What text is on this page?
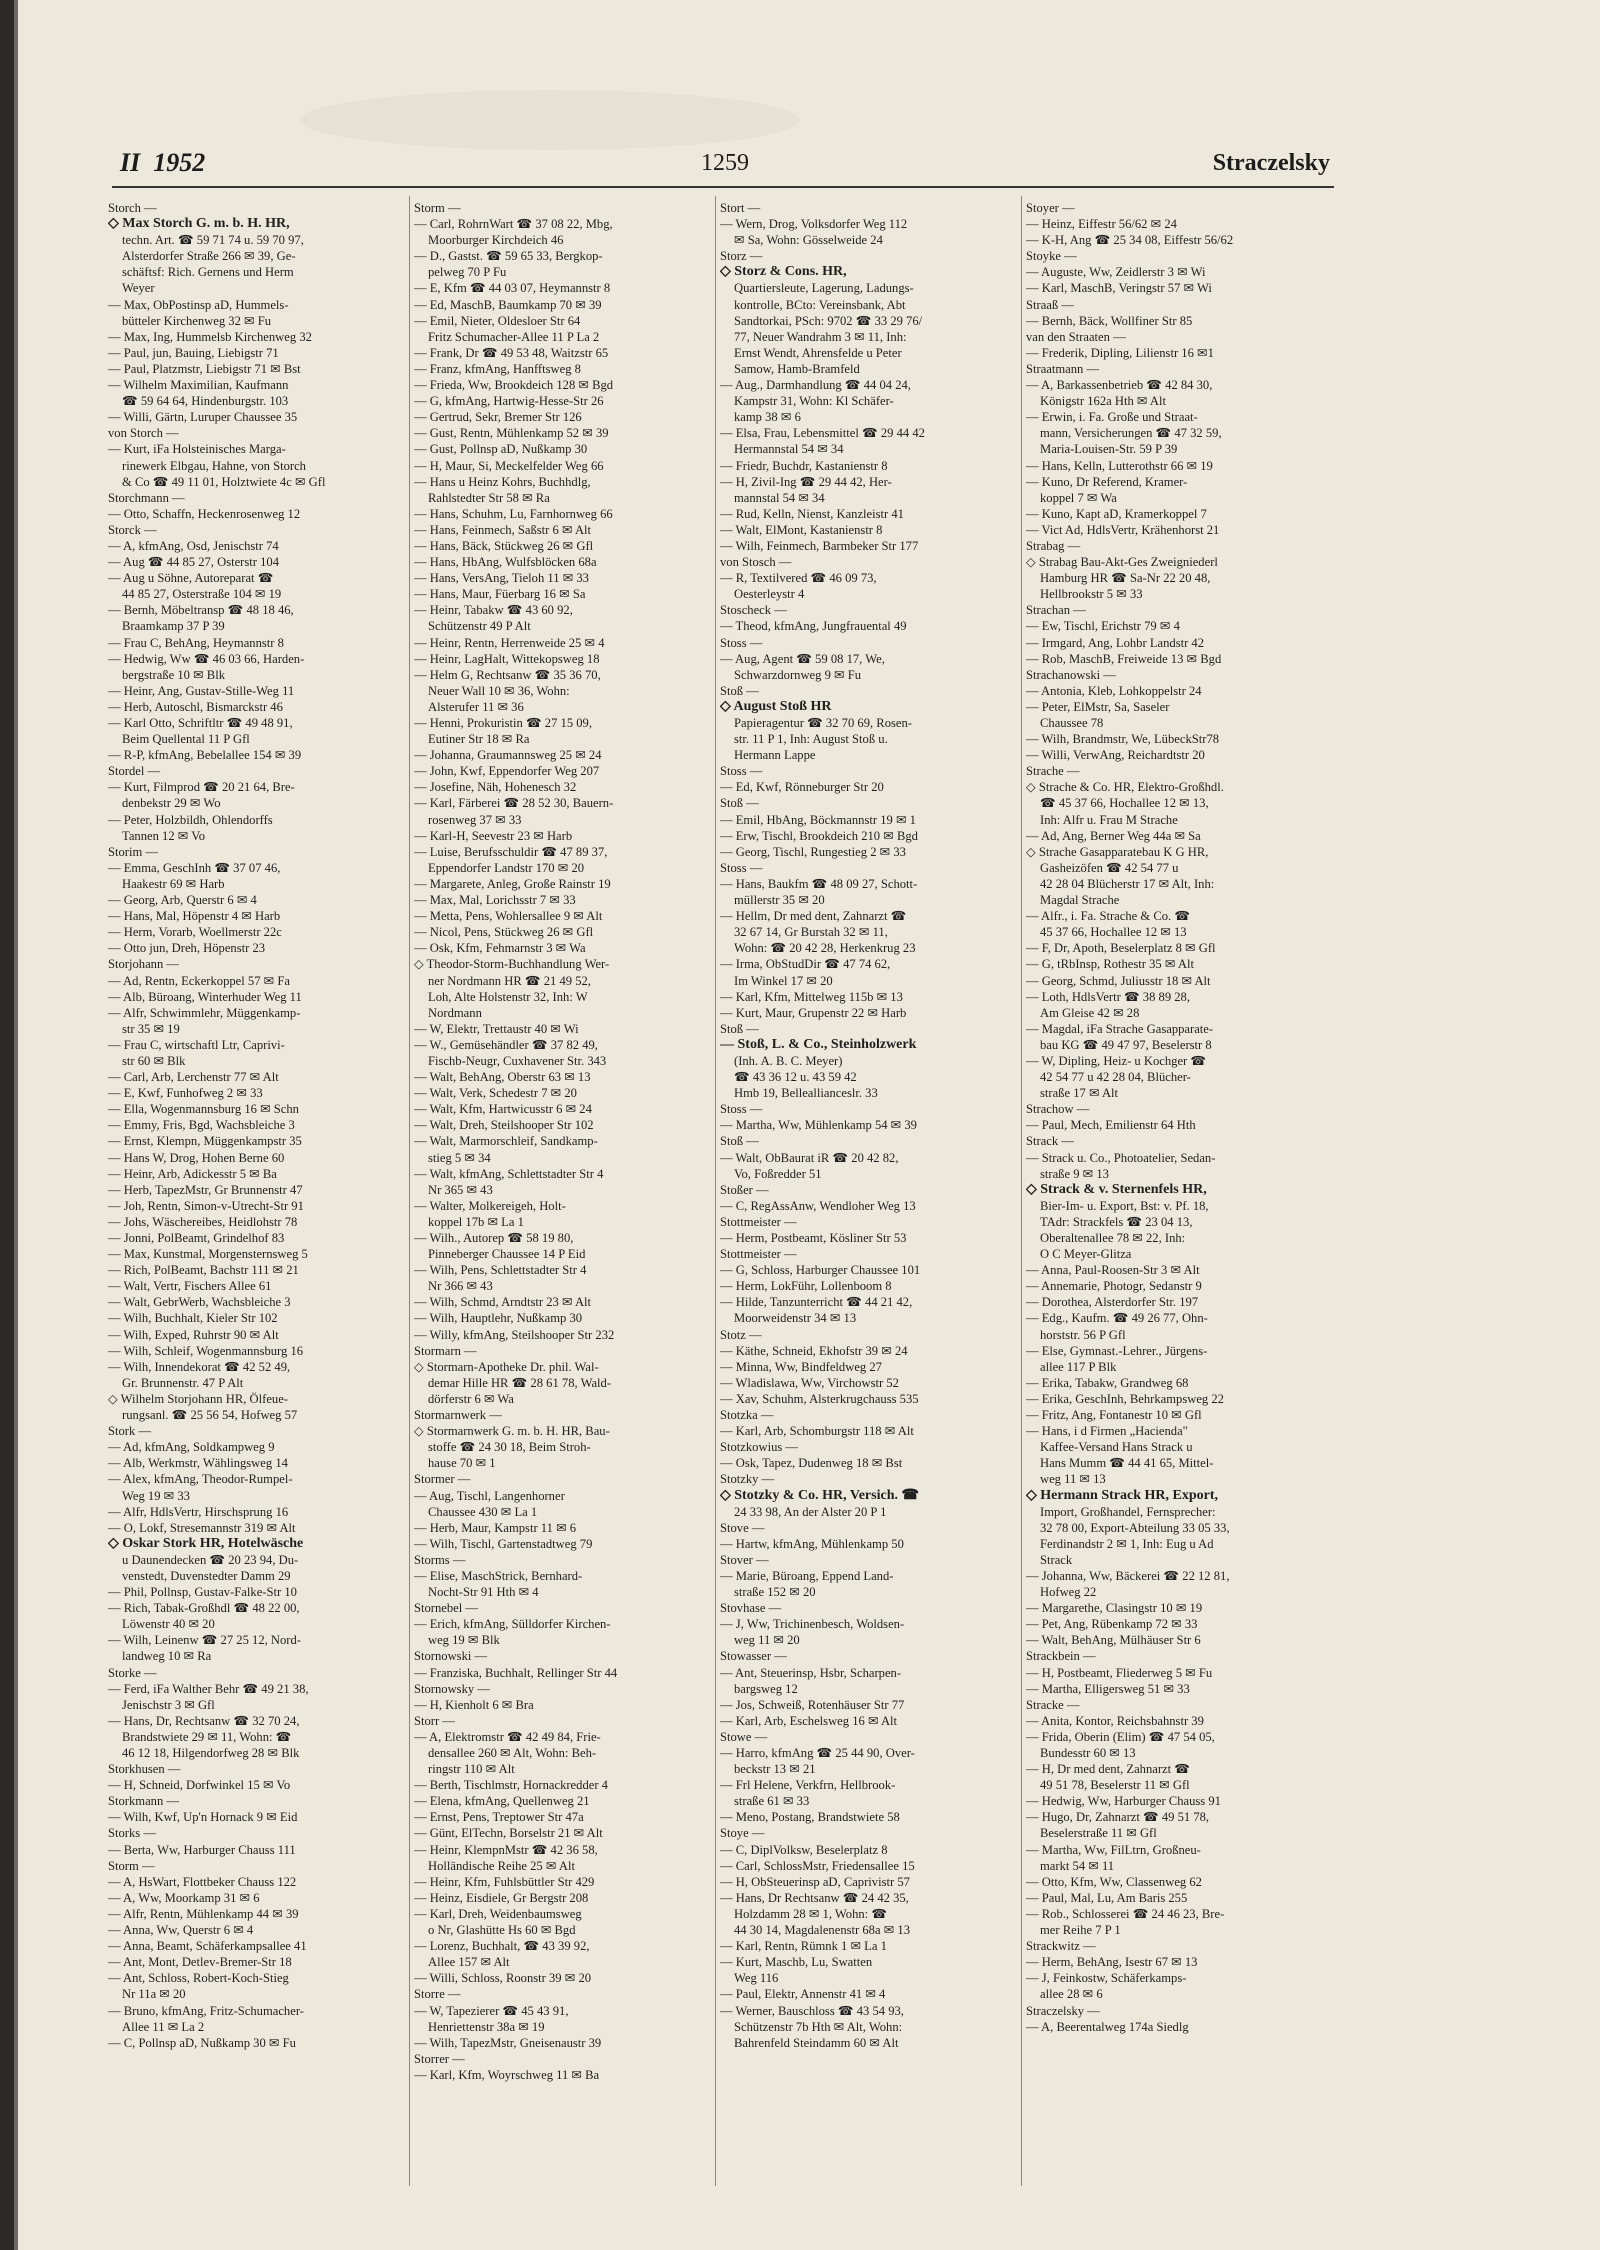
II 1952	1259	Straczelsky
Storch —
◇ Max Storch G. m. b. H. HR,
techn. Art. ☎ 59 71 74 u. 59 70 97,
Alsterdorfer Straße 266 ✉ 39, Ge-
schäftsf: Rich. Gernens und Herm
Weyer
— Max, ObPostinsp aD, Hummels-
bütteler Kirchenweg 32 ✉ Fu
— Max, Ing, Hummelsb Kirchenweg 32
— Paul, jun, Bauing, Liebigstr 71
— Paul, Platzmstr, Liebigstr 71 ✉ Bst
— Wilhelm Maximilian, Kaufmann
☎ 59 64 64, Hindenburgstr. 103
— Willi, Gärtn, Luruper Chaussee 35
von Storch —
— Kurt, iFa Holsteinisches Marga-
rinewerk Elbgau, Hahne, von Storch
& Co ☎ 49 11 01, Holztwiete 4c ✉ Gfl
Storchmann —
— Otto, Schaffn, Heckenrosenweg 12
Storck —
— A, kfmAng, Osd, Jenischstr 74
— Aug ☎ 44 85 27, Osterstr 104
— Aug u Söhne, Autoreparat ☎
44 85 27, Osterstraße 104 ✉ 19
— Bernh, Möbeltransp ☎ 48 18 46,
Braamkamp 37 P 39
— Frau C, BehAng, Heymannstr 8
— Hedwig, Ww ☎ 46 03 66, Harden-
bergstraße 10 ✉ Blk
— Heinr, Ang, Gustav-Stille-Weg 11
— Herb, Autoschl, Bismarckstr 46
— Karl Otto, Schriftltr ☎ 49 48 91,
Beim Quellental 11 P Gfl
— R-P, kfmAng, Bebelallee 154 ✉ 39
Stordel —
— Kurt, Filmprod ☎ 20 21 64, Bre-
denbekstr 29 ✉ Wo
— Peter, Holzbildh, Ohlendorffs
Tannen 12 ✉ Vo
Storim —
— Emma, GeschInh ☎ 37 07 46,
Haakestr 69 ✉ Harb
— Georg, Arb, Querstr 6 ✉ 4
— Hans, Mal, Höpenstr 4 ✉ Harb
— Herm, Vorarb, Woellmerstr 22c
— Otto jun, Dreh, Höpenstr 23
Storjohann —
— Ad, Rentn, Eckerkoppel 57 ✉ Fa
— Alb, Büroang, Winterhuder Weg 11
— Alfr, Schwimmlehr, Müggenkamp-
str 35 ✉ 19
— Frau C, wirtschaftl Ltr, Caprivi-
str 60 ✉ Blk
— Carl, Arb, Lerchenstr 77 ✉ Alt
— E, Kwf, Funhofweg 2 ✉ 33
— Ella, Wogenmannsburg 16 ✉ Schn
— Emmy, Fris, Bgd, Wachsbleiche 3
— Ernst, Klempn, Müggenkampstr 35
— Hans W, Drog, Hohen Berne 60
— Heinr, Arb, Adickesstr 5 ✉ Ba
— Herb, TapezMstr, Gr Brunnenstr 47
— Joh, Rentn, Simon-v-Utrecht-Str 91
— Johs, Wäschereibes, Heidlohstr 78
— Jonni, PolBeamt, Grindelhof 83
— Max, Kunstmal, Morgensternsweg 5
— Rich, PolBeamt, Bachstr 111 ✉ 21
— Walt, Vertr, Fischers Allee 61
— Walt, GebrWerb, Wachsbleiche 3
— Wilh, Buchhalt, Kieler Str 102
— Wilh, Exped, Ruhrstr 90 ✉ Alt
— Wilh, Schleif, Wogenmannsburg 16
— Wilh, Innendekorat ☎ 42 52 49,
Gr. Brunnenstr. 47 P Alt
◇ Wilhelm Storjohann HR, Ölfeue-
rungsanl. ☎ 25 56 54, Hofweg 57
Stork —
— Ad, kfmAng, Soldkampweg 9
— Alb, Werkmstr, Wählingsweg 14
— Alex, kfmAng, Theodor-Rumpel-
Weg 19 ✉ 33
— Alfr, HdlsVertr, Hirschsprung 16
— O, Lokf, Stresemannstr 319 ✉ Alt
◇ Oskar Stork HR, Hotelwäsche
u Daunendecken ☎ 20 23 94, Du-
venstedt, Duvenstedter Damm 29
— Phil, Pollnsp, Gustav-Falke-Str 10
— Rich, Tabak-Großhdl ☎ 48 22 00,
Löwenstr 40 ✉ 20
— Wilh, Leinenw ☎ 27 25 12, Nord-
landweg 10 ✉ Ra
Storke —
— Ferd, iFa Walther Behr ☎ 49 21 38,
Jenischstr 3 ✉ Gfl
— Hans, Dr, Rechtsanw ☎ 32 70 24,
Brandstwiete 29 ✉ 11, Wohn: ☎
46 12 18, Hilgendorfweg 28 ✉ Blk
Storkhusen —
— H, Schneid, Dorfwinkel 15 ✉ Vo
Storkmann —
— Wilh, Kwf, Up'n Hornack 9 ✉ Eid
Storks —
— Berta, Ww, Harburger Chauss 111
Storm —
— A, HsWart, Flottbeker Chauss 122
— A, Ww, Moorkamp 31 ✉ 6
— Alfr, Rentn, Mühlenkamp 44 ✉ 39
— Anna, Ww, Querstr 6 ✉ 4
— Anna, Beamt, Schäferkampsallee 41
— Ant, Mont, Detlev-Bremer-Str 18
— Ant, Schloss, Robert-Koch-Stieg
Nr 11a ✉ 20
— Bruno, kfmAng, Fritz-Schumacher-
Allee 11 ✉ La 2
— C, Pollnsp aD, Nußkamp 30 ✉ Fu
Storm —
— Carl, RohrnWart ☎ 37 08 22, Mbg,
Moorburger Kirchdeich 46
— D., Gastst. ☎ 59 65 33, Bergkop-
pelweg 70 P Fu
— E, Kfm ☎ 44 03 07, Heymannstr 8
— Ed, MaschB, Baumkamp 70 ✉ 39
— Emil, Nieter, Oldesloer Str 64
Fritz Schumacher-Allee 11 P La 2
— Frank, Dr ☎ 49 53 48, Waitzstr 65
— Franz, kfmAng, Hanfftsweg 8
— Frieda, Ww, Brookdeich 128 ✉ Bgd
— G, kfmAng, Hartwig-Hesse-Str 26
— Gertrud, Sekr, Bremer Str 126
— Gust, Rentn, Mühlenkamp 52 ✉ 39
— Gust, Pollnsp aD, Nußkamp 30
— H, Maur, Si, Meckelfelder Weg 66
— Hans u Heinz Kohrs, Buchhdlg,
Rahlstedter Str 58 ✉ Ra
— Hans, Schuhm, Lu, Farnhornweg 66
— Hans, Feinmech, Saßstr 6 ✉ Alt
— Hans, Bäck, Stückweg 26 ✉ Gfl
— Hans, HbAng, Wulfsblöcken 68a
— Hans, VersAng, Tieloh 11 ✉ 33
— Hans, Maur, Füerbarg 16 ✉ Sa
— Heinr, Tabakw ☎ 43 60 92,
Schützenstr 49 P Alt
— Heinr, Rentn, Herrenweide 25 ✉ 4
— Heinr, LagHalt, Wittekopsweg 18
— Helm G, Rechtsanw ☎ 35 36 70,
Neuer Wall 10 ✉ 36, Wohn:
Alsterufer 11 ✉ 36
— Henni, Prokuristin ☎ 27 15 09,
Eutiner Str 18 ✉ Ra
— Johanna, Graumannsweg 25 ✉ 24
— John, Kwf, Eppendorfer Weg 207
— Josefine, Näh, Hohenesch 32
— Karl, Färberei ☎ 28 52 30, Bauern-
rosenweg 37 ✉ 33
— Karl-H, Seevestr 23 ✉ Harb
— Luise, Berufsschuldir ☎ 47 89 37,
Eppendorfer Landstr 170 ✉ 20
— Margarete, Anleg, Große Rainstr 19
— Max, Mal, Lorichsstr 7 ✉ 33
— Metta, Pens, Wohlersallee 9 ✉ Alt
— Nicol, Pens, Stückweg 26 ✉ Gfl
— Osk, Kfm, Fehmarnstr 3 ✉ Wa
◇ Theodor-Storm-Buchhandlung Wer-
ner Nordmann HR ☎ 21 49 52,
Loh, Alte Holstenstr 32, Inh: W
Nordmann
— W, Elektr, Trettaustr 40 ✉ Wi
— W., Gemüsehändler ☎ 37 82 49,
Fischb-Neugr, Cuxhavener Str. 343
— Walt, BehAng, Oberstr 63 ✉ 13
— Walt, Verk, Schedestr 7 ✉ 20
— Walt, Kfm, Hartwicusstr 6 ✉ 24
— Walt, Dreh, Steilshooper Str 102
— Walt, Marmorschleif, Sandkamp-
stieg 5 ✉ 34
— Walt, kfmAng, Schlettstadter Str 4
Nr 365 ✉ 43
— Walter, Molkereigeh, Holt-
koppel 17b ✉ La 1
— Wilh., Autorep ☎ 58 19 80,
Pinneberger Chaussee 14 P Eid
— Wilh, Pens, Schlettstadter Str 4
Nr 366 ✉ 43
— Wilh, Schmd, Arndtstr 23 ✉ Alt
— Wilh, Hauptlehr, Nußkamp 30
— Willy, kfmAng, Steilshooper Str 232
Stormarn —
◇ Stormarn-Apotheke Dr. phil. Wal-
demar Hille HR ☎ 28 61 78, Wald-
dörferstr 6 ✉ Wa
Stormarnwerk —
◇ Stormarnwerk G. m. b. H. HR, Bau-
stoffe ☎ 24 30 18, Beim Stroh-
hause 70 ✉ 1
Stormer —
— Aug, Tischl, Langenhorner
Chaussee 430 ✉ La 1
— Herb, Maur, Kampstr 11 ✉ 6
— Wilh, Tischl, Gartenstadtweg 79
Storms —
— Elise, MaschStrick, Bernhard-
Nocht-Str 91 Hth ✉ 4
Stornebel —
— Erich, kfmAng, Sülldorfer Kirchen-
weg 19 ✉ Blk
Stornowski —
— Franziska, Buchhalt, Rellinger Str 44
Stornowsky —
— H, Kienholt 6 ✉ Bra
Storr —
— A, Elektromstr ☎ 42 49 84, Frie-
densallee 260 ✉ Alt, Wohn: Beh-
ringstr 110 ✉ Alt
— Berth, Tischlmstr, Hornackredder 4
— Elena, kfmAng, Quellenweg 21
— Ernst, Pens, Treptower Str 47a
— Günt, ElTechn, Borselstr 21 ✉ Alt
— Heinr, KlempnMstr ☎ 42 36 58,
Holländische Reihe 25 ✉ Alt
— Heinr, Kfm, Fuhlsbüttler Str 429
— Heinz, Eisdiele, Gr Bergstr 208
— Karl, Dreh, Weidenbaumsweg
o Nr, Glashütte Hs 60 ✉ Bgd
— Lorenz, Buchhalt, ☎ 43 39 92,
Allee 157 ✉ Alt
— Willi, Schloss, Roonstr 39 ✉ 20
Storre —
— W, Tapezierer ☎ 45 43 91,
Henriettenstr 38a ✉ 19
— Wilh, TapezMstr, Gneisenaustr 39
Storrer —
— Karl, Kfm, Woyrschweg 11 ✉ Ba
Stort —
— Wern, Drog, Volksdorfer Weg 112
✉ Sa, Wohn: Gösselweide 24
Storz —
◇ Storz & Cons. HR,
Quartiersleute, Lagerung, Ladungs-
kontrolle, BCto: Vereinsbank, Abt
Sandtorkai, PSch: 9702 ☎ 33 29 76/
77, Neuer Wandrahm 3 ✉ 11, Inh:
Ernst Wendt, Ahrensfelde u Peter
Samow, Hamb-Bramfeld
— Aug., Darmhandlung ☎ 44 04 24,
Kampstr 31, Wohn: Kl Schäfer-
kamp 38 ✉ 6
— Elsa, Frau, Lebensmittel ☎ 29 44 42
Hermannstal 54 ✉ 34
— Friedr, Buchdr, Kastanienstr 8
— H, Zivil-Ing ☎ 29 44 42, Her-
mannstal 54 ✉ 34
— Rud, Kelln, Nienst, Kanzleistr 41
— Walt, ElMont, Kastanienstr 8
— Wilh, Feinmech, Barmbeker Str 177
von Stosch —
— R, Textilvered ☎ 46 09 73,
Oesterleystr 4
Stoscheck —
— Theod, kfmAng, Jungfrauental 49
Stoss —
— Aug, Agent ☎ 59 08 17, We,
Schwarzdornweg 9 ✉ Fu
Stoß —
◇ August Stoß HR
Papieragentur ☎ 32 70 69, Rosen-
str. 11 P 1, Inh: August Stoß u.
Hermann Lappe
Stoss —
— Ed, Kwf, Rönneburger Str 20
Stoß —
— Emil, HbAng, Böckmannstr 19 ✉ 1
— Erw, Tischl, Brookdeich 210 ✉ Bgd
— Georg, Tischl, Rungestieg 2 ✉ 33
Stoss —
— Hans, Baukfm ☎ 48 09 27, Schott-
müllerstr 35 ✉ 20
— Hellm, Dr med dent, Zahnarzt ☎
32 67 14, Gr Burstah 32 ✉ 11,
Wohn: ☎ 20 42 28, Herkenkrug 23
— Irma, ObStudDir ☎ 47 74 62,
Im Winkel 17 ✉ 20
— Karl, Kfm, Mittelweg 115b ✉ 13
— Kurt, Maur, Grupenstr 22 ✉ Harb
Stoß —
— Stoß, L. & Co., Steinholzwerk
(Inh. A. B. C. Meyer)
☎ 43 36 12 u. 43 59 42
Hmb 19, Belleallianceslr. 33
Stoss —
— Martha, Ww, Mühlenkamp 54 ✉ 39
Stoß —
— Walt, ObBaurat iR ☎ 20 42 82,
Vo, Foßredder 51
Stoßer —
— C, RegAssAnw, Wendloher Weg 13
Stottmeister —
— Herm, Postbeamt, Kösliner Str 53
Stottmeister —
— G, Schloss, Harburger Chaussee 101
— Herm, LokFühr, Lollenboom 8
— Hilde, Tanzunterricht ☎ 44 21 42,
Moorweidenstr 34 ✉ 13
Stotz —
— Käthe, Schneid, Ekhofstr 39 ✉ 24
— Minna, Ww, Bindfeldweg 27
— Wladislawa, Ww, Virchowstr 52
— Xav, Schuhm, Alsterkrugchauss 535
Stotzka —
— Karl, Arb, Schomburgstr 118 ✉ Alt
Stotzkowius —
— Osk, Tapez, Dudenweg 18 ✉ Bst
Stotzky —
◇ Stotzky & Co. HR, Versich. ☎
24 33 98, An der Alster 20 P 1
Stove —
— Hartw, kfmAng, Mühlenkamp 50
Stover —
— Marie, Büroang, Eppend Land-
straße 152 ✉ 20
Stovhase —
— J, Ww, Trichinenbesch, Woldsen-
weg 11 ✉ 20
Stowasser —
— Ant, Steuerinsp, Hsbr, Scharpen-
bargsweg 12
— Jos, Schweiß, Rotenhäuser Str 77
— Karl, Arb, Eschelsweg 16 ✉ Alt
Stowe —
— Harro, kfmAng ☎ 25 44 90, Over-
beckstr 13 ✉ 21
— Frl Helene, Verkfrn, Hellbrook-
straße 61 ✉ 33
— Meno, Postang, Brandstwiete 58
Stoye —
— C, DiplVolksw, Beselerplatz 8
— Carl, SchlossMstr, Friedensallee 15
— H, ObSteuerinsp aD, Caprivistr 57
— Hans, Dr Rechtsanw ☎ 24 42 35,
Holzdamm 28 ✉ 1, Wohn: ☎
44 30 14, Magdalenenstr 68a ✉ 13
— Karl, Rentn, Rümnk 1 ✉ La 1
— Kurt, Maschb, Lu, Swatten
Weg 116
— Paul, Elektr, Annenstr 41 ✉ 4
— Werner, Bauschloss ☎ 43 54 93,
Schützenstr 7b Hth ✉ Alt, Wohn:
Bahrenfeld Steindamm 60 ✉ Alt
Stoyer —
— Heinz, Eiffestr 56/62 ✉ 24
— K-H, Ang ☎ 25 34 08, Eiffestr 56/62
Stoyke —
— Auguste, Ww, Zeidlerstr 3 ✉ Wi
— Karl, MaschB, Veringstr 57 ✉ Wi
Straaß —
— Bernh, Bäck, Wollfiner Str 85
van den Straaten —
— Frederik, Dipling, Lilienstr 16 ✉1
Straatmann —
— A, Barkassenbetrieb ☎ 42 84 30,
Königstr 162a Hth ✉ Alt
— Erwin, i. Fa. Große und Straat-
mann, Versicherungen ☎ 47 32 59,
Maria-Louisen-Str. 59 P 39
— Hans, Kelln, Lutterothstr 66 ✉ 19
— Kuno, Dr Referend, Kramer-
koppel 7 ✉ Wa
— Kuno, Kapt aD, Kramerkoppel 7
— Vict Ad, HdlsVertr, Krähenhorst 21
Strabag —
◇ Strabag Bau-Akt-Ges Zweigniederl
Hamburg HR ☎ Sa-Nr 22 20 48,
Hellbrookstr 5 ✉ 33
Strachan —
— Ew, Tischl, Erichstr 79 ✉ 4
— Irmgard, Ang, Lohbr Landstr 42
— Rob, MaschB, Freiweide 13 ✉ Bgd
Strachanowski —
— Antonia, Kleb, Lohkoppelstr 24
— Peter, ElMstr, Sa, Saseler
Chaussee 78
— Wilh, Brandmstr, We, LübeckStr78
— Willi, VerwAng, Reichardtstr 20
Strache —
◇ Strache & Co. HR, Elektro-Großhdl.
☎ 45 37 66, Hochallee 12 ✉ 13,
Inh: Alfr u. Frau M Strache
— Ad, Ang, Berner Weg 44a ✉ Sa
◇ Strache Gasapparatebau K G HR,
Gasheizöfen ☎ 42 54 77 u
42 28 04 Blücherstr 17 ✉ Alt, Inh:
Magdal Strache
— Alfr., i. Fa. Strache & Co. ☎
45 37 66, Hochallee 12 ✉ 13
— F, Dr, Apoth, Beselerplatz 8 ✉ Gfl
— G, tRbInsp, Rothestr 35 ✉ Alt
— Georg, Schmd, Juliusstr 18 ✉ Alt
— Loth, HdlsVertr ☎ 38 89 28,
Am Gleise 42 ✉ 28
— Magdal, iFa Strache Gasapparate-
bau KG ☎ 49 47 97, Beselerstr 8
— W, Dipling, Heiz- u Kochger ☎
42 54 77 u 42 28 04, Blücher-
straße 17 ✉ Alt
Strachow —
— Paul, Mech, Emilienstr 64 Hth
Strack —
— Strack u. Co., Photoatelier, Sedan-
straße 9 ✉ 13
◇ Strack & v. Sternenfels HR,
Bier-Im- u. Export, Bst: v. Pf. 18,
TAdr: Strackfels ☎ 23 04 13,
Oberaltenallee 78 ✉ 22, Inh:
O C Meyer-Glitza
— Anna, Paul-Roosen-Str 3 ✉ Alt
— Annemarie, Photogr, Sedanstr 9
— Dorothea, Alsterdorfer Str. 197
— Edg., Kaufm. ☎ 49 26 77, Ohn-
horststr. 56 P Gfl
— Else, Gymnast.-Lehrer., Jürgens-
allee 117 P Blk
— Erika, Tabakw, Grandweg 68
— Erika, GeschInh, Behrkampsweg 22
— Fritz, Ang, Fontanestr 10 ✉ Gfl
— Hans, i d Firmen „Hacienda"
Kaffee-Versand Hans Strack u
Hans Mumm ☎ 44 41 65, Mittel-
weg 11 ✉ 13
◇ Hermann Strack HR, Export,
Import, Großhandel, Fernsprecher:
32 78 00, Export-Abteilung 33 05 33,
Ferdinandstr 2 ✉ 1, Inh: Eug u Ad
Strack
— Johanna, Ww, Bäckerei ☎ 22 12 81,
Hofweg 22
— Margarethe, Clasingstr 10 ✉ 19
— Pet, Ang, Rübenkamp 72 ✉ 33
— Walt, BehAng, Mülhäuser Str 6
Strackbein —
— H, Postbeamt, Fliederweg 5 ✉ Fu
— Martha, Elligersweg 51 ✉ 33
Stracke —
— Anita, Kontor, Reichsbahnstr 39
— Frida, Oberin (Elim) ☎ 47 54 05,
Bundesstr 60 ✉ 13
— H, Dr med dent, Zahnarzt ☎
49 51 78, Beselerstr 11 ✉ Gfl
— Hedwig, Ww, Harburger Chauss 91
— Hugo, Dr, Zahnarzt ☎ 49 51 78,
Beselerstraße 11 ✉ Gfl
— Martha, Ww, FilLtrn, Großneu-
markt 54 ✉ 11
— Otto, Kfm, Ww, Classenweg 62
— Paul, Mal, Lu, Am Baris 255
— Rob., Schlosserei ☎ 24 46 23, Bre-
mer Reihe 7 P 1
Strackwitz —
— Herm, BehAng, Isestr 67 ✉ 13
— J, Feinkostw, Schäferkamps-
allee 28 ✉ 6
Straczelsky —
— A, Beerentalweg 174a Siedlg
